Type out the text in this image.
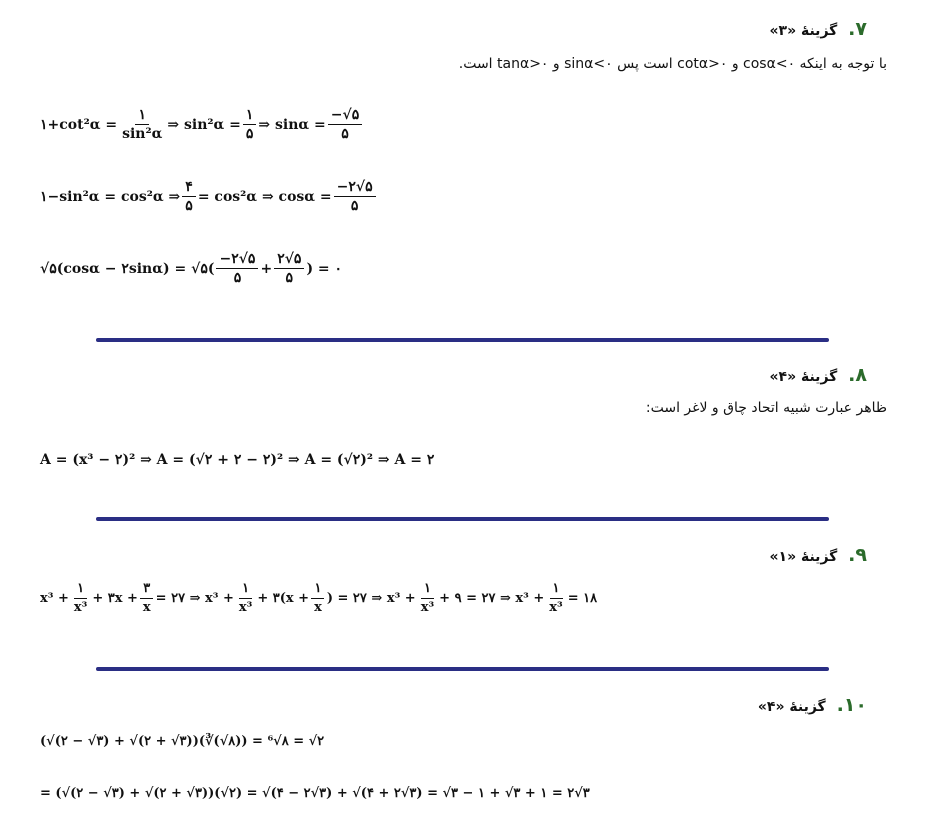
۷. گزینهٔ «۳»
با توجه به اینکه cosα<۰ و cotα>۰ است پس sinα<۰ و tanα>۰ است.
۱+cot²α = $\frac{۱}{\text{sin²α}}$ ⇒ $\sin^2\alpha = \frac{۱}{۵}$ ⇒ $\sin\alpha = \frac{-√۵}{۵}$
۱−sin²α = cos²α ⇒ $\frac{۴}{۵} = \cos^2\alpha$ ⇒ $\cos\alpha = \frac{-۲√۵}{۵}$
√۵(cosα − ۲sinα) = √۵( $\frac{-۲√۵}{۵} + \frac{۲√۵}{۵}$ ) = ۰
۸. گزینهٔ «۴»
ظاهر عبارت شبیه اتحاد چاق و لاغر است:
A = (x³ − ۲)² ⇒ A = (√۲ + ۲ − ۲)² ⇒ A = (√۲)² ⇒ A = ۲
۹. گزینهٔ «۱»
$x^3 + \frac{۱}{\text{x³}}$ + ۳x + $\frac{۳}{x}$ = ۲۷ ⇒ $x^3 + \frac{۱}{\text{x³}}$ + ۳(x + $\frac{۱}{x}$ ) = ۲۷ ⇒ $x^3 + \frac{۱}{\text{x³}}$ + ۹ = ۲۷ ⇒ $x^3 + \frac{۱}{\text{x³}}$ = ۱۸
۱۰. گزینهٔ «۴»
(√(۲ − √۳) + √(۲ + √۳))(∛(√۸)) = ⁶√۸ = √۲
= (√(۲ − √۳) + √(۲ + √۳))(√۲) = √(۴ − ۲√۳) + √(۴ + ۲√۳) = √۳ − ۱ + √۳ + ۱ = ۲√۳
